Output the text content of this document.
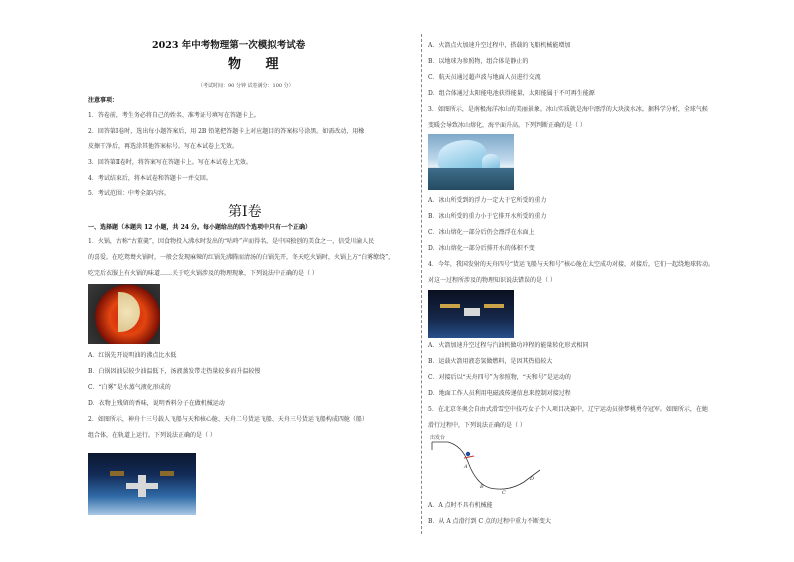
2023 年中考物理第一次模拟考试卷
物 理
（考试时间：90 分钟 试卷满分：100 分）
注意事项：
1．答卷前，考生务必将自己的姓名、准考证号填写在答题卡上。
2．回答第Ⅰ卷时，选出每小题答案后，用 2B 铅笔把答题卡上对应题目的答案标号涂黑。如需改动，用橡
皮擦干净后，再选涂其他答案标号。写在本试卷上无效。
3．回答第Ⅱ卷时，将答案写在答题卡上。写在本试卷上无效。
4．考试结束后，将本试卷和答题卡一并交回。
5．考试范围：中考全部内容。
第Ⅰ卷
一、选择题（本题共 12 小题，共 24 分。每小题给出的四个选项中只有一个正确）
1．火锅，古称“古董羹”，因食物投入沸水时发出的“咕咚”声而得名，是中国独创的美食之一，信受川渝人民
的喜爱。在吃鸳鸯火锅时，一般会发现麻辣的红锅先沸腾而清汤的白锅先开，冬天吃火锅时，火锅上方“白雾缭绕”，
吃完后衣服上有火锅的味道……关于吃火锅涉及的物理现象，下列说法中正确的是（ ）
A．红锅先开说明油的沸点比水低
B．白锅因油层较少油温低下，汤液蒸发带走热量较多而升温较慢
C．“白雾”是水蒸气液化形成的
D．衣物上残留的香味，说明香料分子在做机械运动
2．如图所示，神舟十三号载人飞船与天和核心舱、天舟二号货运飞船、天舟三号货运飞船构成四舱（船）
组合体，在轨道上运行。下列说法正确的是（ ）
A．火箭点火加速升空过程中，搭载的飞船机械能增加
B．以地球为参照物，组合体是静止的
C．航天员通过超声波与地面人员进行交流
D．组合体通过太阳能电池获得能量，太阳能属于不可再生能源
3．如图所示，是南极海洋冰山的美丽景象。冰山实质就是海中漂浮的大块淡水冰。据科学分析，全球气候
变暖会导致冰山熔化，海平面升高。下列判断正确的是（ ）
A．冰山所受到的浮力一定大于它所受的重力
B．冰山所受的重力小于它排开水所受的重力
C．冰山熔化一部分后仍会漂浮在水面上
D．冰山熔化一部分后排开水的体积不变
4．今年，我国发射的天舟四号“货运飞船与天和号”核心舱在太空成功对接，对接后，它们一起绕地球转动。
对这一过程所涉及的物理知识说法错误的是（ ）
A．火箭加速升空过程与汽油机做功冲程的能量转化形式相同
B．运载火箭用液态氢做燃料，是因其热值较大
C．对接后以“天舟四号”为参照物，“天和号”是运动的
D．地面工作人员利用电磁波传递信息来控制对接过程
5．在北京冬奥会自由式滑雪空中技巧女子个人项目决赛中，辽宁运动员徐梦桃勇夺冠军。如图所示，在她
滑行过程中，下列说法正确的是（ ）
出发台
A
B
C
D
A．A 点时不具有机械能
B．从 A 点滑行到 C 点的过程中重力不断变大
